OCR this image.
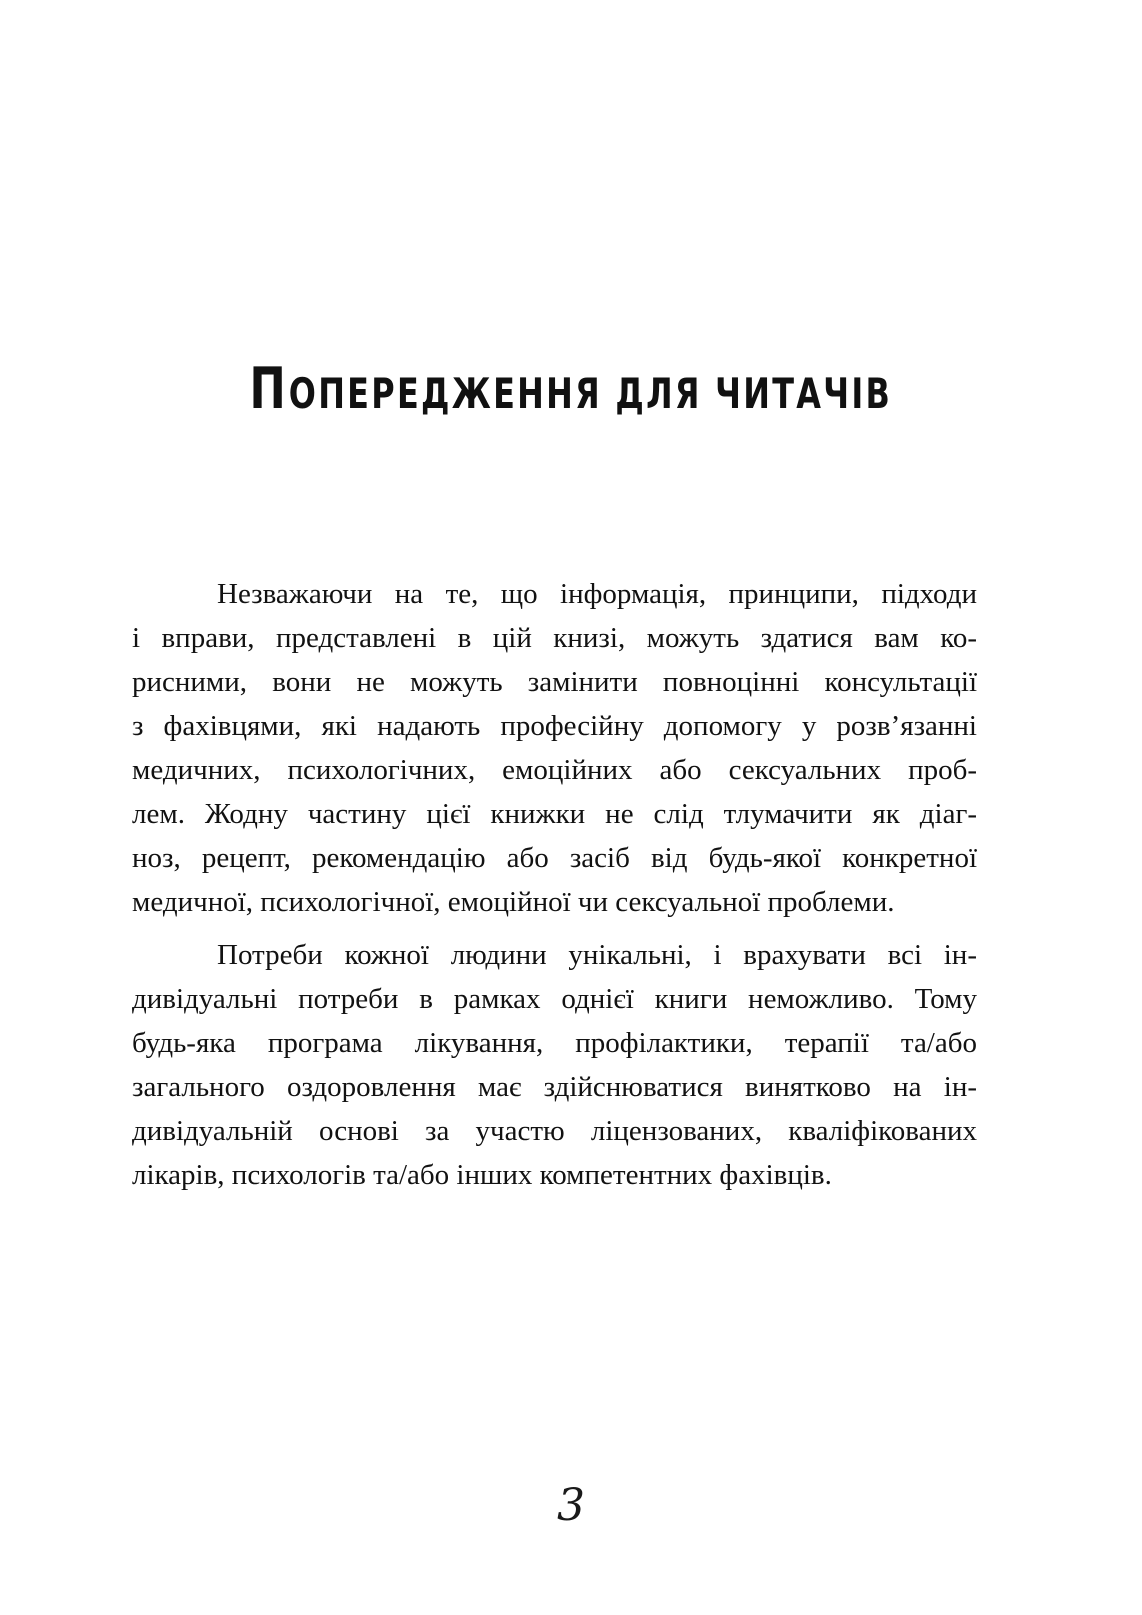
ПОПЕРЕДЖЕННЯ ДЛЯ ЧИТАЧІВ
Незважаючи на те, що інформація, принципи, підходи
і вправи, представлені в цій книзі, можуть здатися вам ко-
рисними, вони не можуть замінити повноцінні консультації
з фахівцями, які надають професійну допомогу у розв’язанні
медичних, психологічних, емоційних або сексуальних проб-
лем. Жодну частину цієї книжки не слід тлумачити як діаг-
ноз, рецепт, рекомендацію або засіб від будь-якої конкретної
медичної, психологічної, емоційної чи сексуальної проблеми.
Потреби кожної людини унікальні, і врахувати всі ін-
дивідуальні потреби в рамках однієї книги неможливо. Тому
будь-яка програма лікування, профілактики, терапії та/або
загального оздоровлення має здійснюватися винятково на ін-
дивідуальній основі за участю ліцензованих, кваліфікованих
лікарів, психологів та/або інших компетентних фахівців.
3
